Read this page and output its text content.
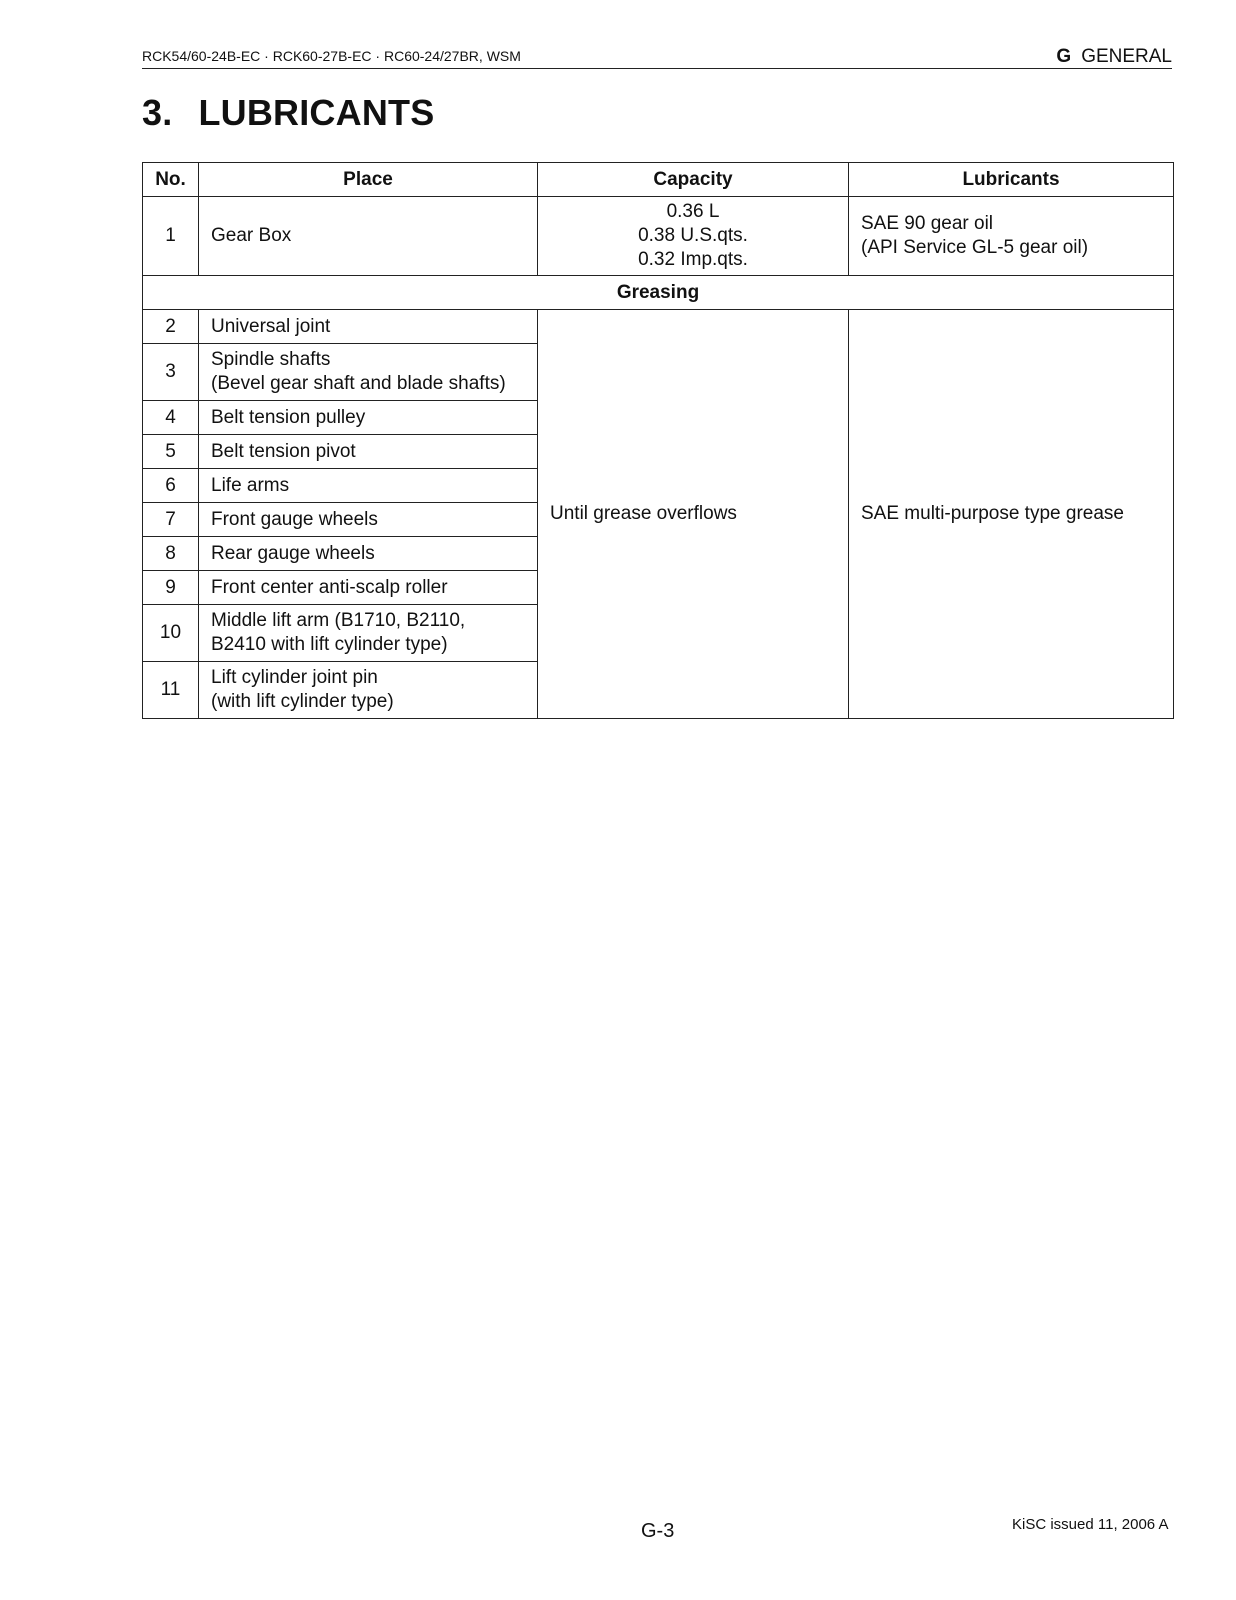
RCK54/60-24B-EC · RCK60-27B-EC · RC60-24/27BR, WSM	G GENERAL
3. LUBRICANTS
No.	Place	Capacity	Lubricants
1	Gear Box	0.36 L
0.38 U.S.qts.
0.32 Imp.qts.	SAE 90 gear oil
(API Service GL-5 gear oil)

Greasing			
2	Universal joint	Until grease overflows	SAE multi-purpose type grease
3	Spindle shafts
(Bevel gear shaft and blade shafts)		

4	Belt tension pulley		

5	Belt tension pivot		

6	Life arms		

7	Front gauge wheels		

8	Rear gauge wheels		

9	Front center anti-scalp roller		

10	Middle lift arm (B1710, B2110,
B2410 with lift cylinder type)		

11	Lift cylinder joint pin
(with lift cylinder type)		
G-3	KiSC issued 11, 2006 A
